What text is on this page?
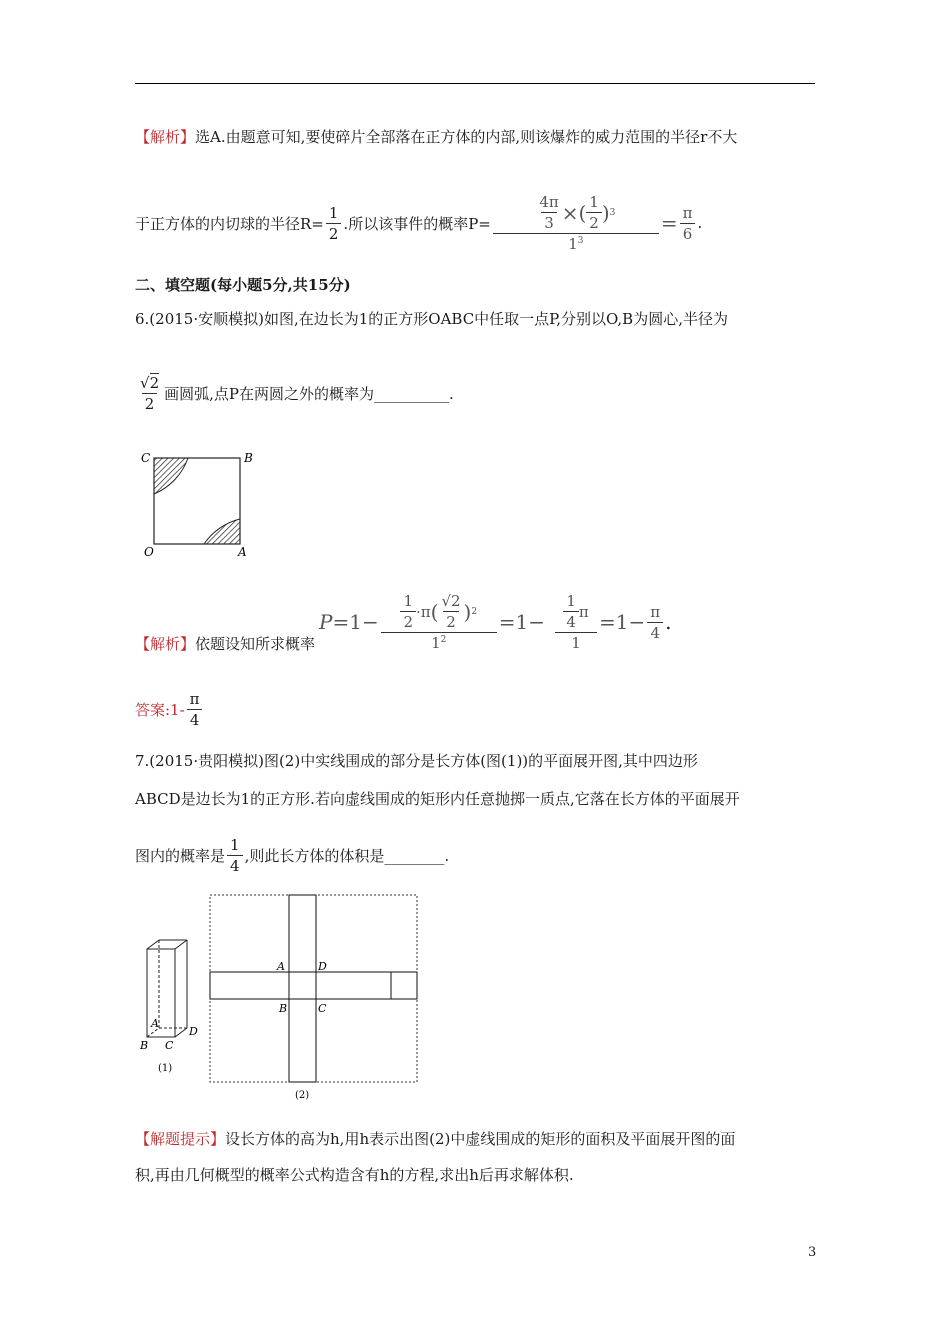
【解析】选A.由题意可知,要使碎片全部落在正方体的内部,则该爆炸的威力范围的半径r不大
于正方体的内切球的半径$R= \frac{1}{2}$ .所以该事件的概率$P= \frac{\frac{4\pi}{3} \times ( \frac{1}{2} ) 3}{1^3} = \frac{\pi}{6}$ .
二、填空题(每小题5分,共15分)
6.(2015·安顺模拟)如图,在边长为1的正方形OABC中任取一点P,分别以O,B为圆心,半径为
$\frac{√2}{2}$ 画圆弧,点P在两圆之外的概率为 __________ .
C	B
O	A
【解析】 依题设知所求概率
$P = 1 - \frac{\frac{1}{2} \cdot \pi ( \frac{√2}{2} ) 2}{1^2} = 1 - \frac{\frac{1}{4} \pi}{1} = 1 - \frac{\pi}{4}$ .
答案:1- $\frac{\pi}{4}$
7.(2015·贵阳模拟)图(2)中实线围成的部分是长方体(图(1))的平面展开图,其中四边形
ABCD是边长为1的正方形.若向虚线围成的矩形内任意抛掷一质点,它落在长方体的平面展开
图内的概率是 $\frac{1}{4}$ ,则此长方体的体积是 ________ .
A
D
B C
(1)
A	D
B	C
(2)
【解题提示】设长方体的高为h,用h表示出图(2)中虚线围成的矩形的面积及平面展开图的面
积,再由几何概型的概率公式构造含有h的方程,求出h后再求解体积.
3
